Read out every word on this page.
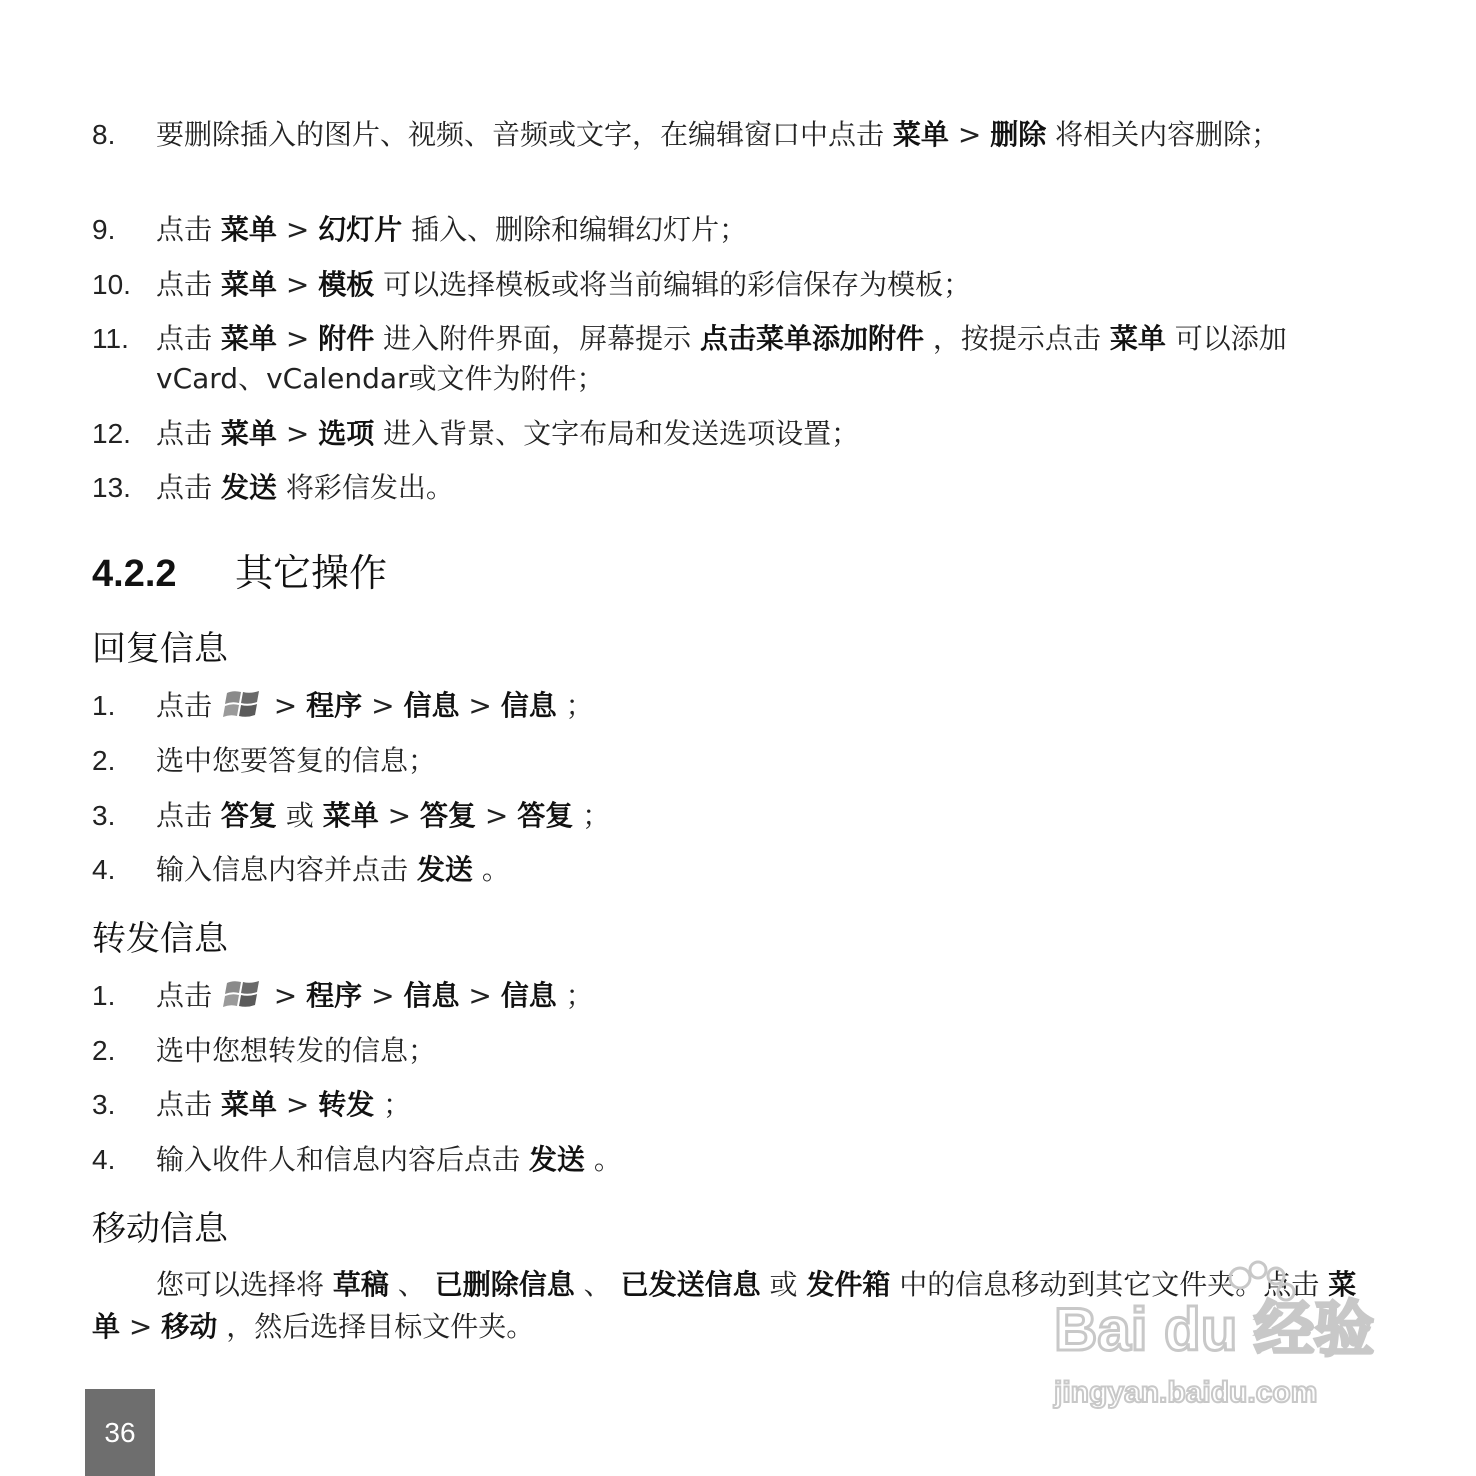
8.	要删除插入的图片、视频、音频或文字，在编辑窗口中点击 菜单 > 删除 将相关内容删除；
9.	点击 菜单 > 幻灯片 插入、删除和编辑幻灯片；
10. 点击 菜单 > 模板 可以选择模板或将当前编辑的彩信保存为模板；
11. 点击 菜单 > 附件 进入附件界面，屏幕提示 点击菜单添加附件 ，按提示点击 菜单 可以添加vCard、vCalendar或文件为附件；
12. 点击 菜单 > 选项 进入背景、文字布局和发送选项设置；
13. 点击 发送 将彩信发出。
4.2.2 其它操作
回复信息
1.	点击  > 程序 > 信息 > 信息 ；
2.	选中您要答复的信息；
3.	点击 答复 或 菜单 > 答复 > 答复 ；
4.	输入信息内容并点击 发送 。
转发信息
1.	点击  > 程序 > 信息 > 信息 ；
2.	选中您想转发的信息；
3.	点击 菜单 > 转发 ；
4.	输入收件人和信息内容后点击 发送 。
移动信息
您可以选择将 草稿 、 已删除信息 、 已发送信息 或 发件箱 中的信息移动到其它文件夹。点击 菜单 > 移动 ，然后选择目标文件夹。
36
Bai du 经验
jingyan.baidu.com
